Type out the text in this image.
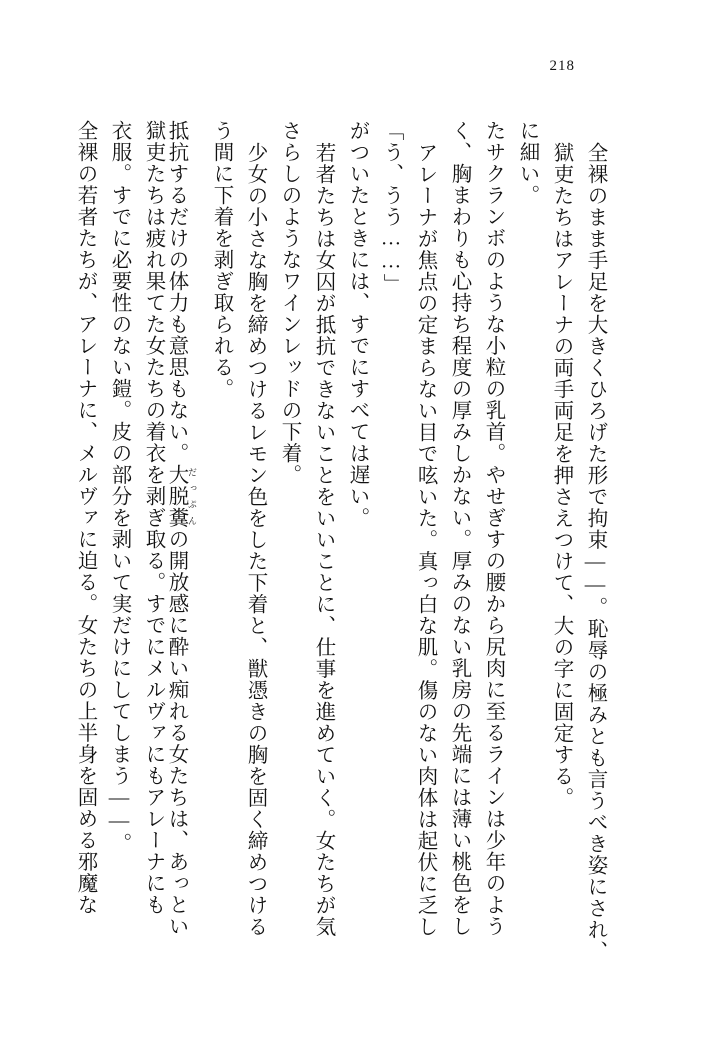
218
全裸の若者たちが、アレーナに、メルヴァに迫る。女たちの上半身を固める邪魔な 衣服。すでに必要性のない鎧。皮の部分を剥いて実だけにしてしまう——。 獄吏たちは疲れ果てた女たちの着衣を剥ぎ取る。すでにメルヴァにもアレーナにも 抵抗するだけの体力も意思もない。大脱糞 だっぷんの開放感に酔い痴れる女たちは、あっとい
う間に下着を剥ぎ取られる。 少女の小さな胸を締めつけるレモン色をした下着と、獣憑きの胸を固く締めつける さらしのようなワインレッドの下着。 若者たちは女囚が抵抗できないことをいいことに、仕事を進めていく。女たちが気 がついたときには、すでにすべては遅い。 「う、うう……」 アレーナが焦点の定まらない目で呟いた。真っ白な肌。傷のない肉体は起伏に乏し く、胸まわりも心持ち程度の厚みしかない。厚みのない乳房の先端には薄い桃色をし たサクランボのような小粒の乳首。やせぎすの腰から尻肉に至るラインは少年のよう に細い。 獄吏たちはアレーナの両手両足を押さえつけて、大の字に固定する。 全裸のまま手足を大きくひろげた形で拘束——。恥辱の極みとも言うべき姿にされ、
